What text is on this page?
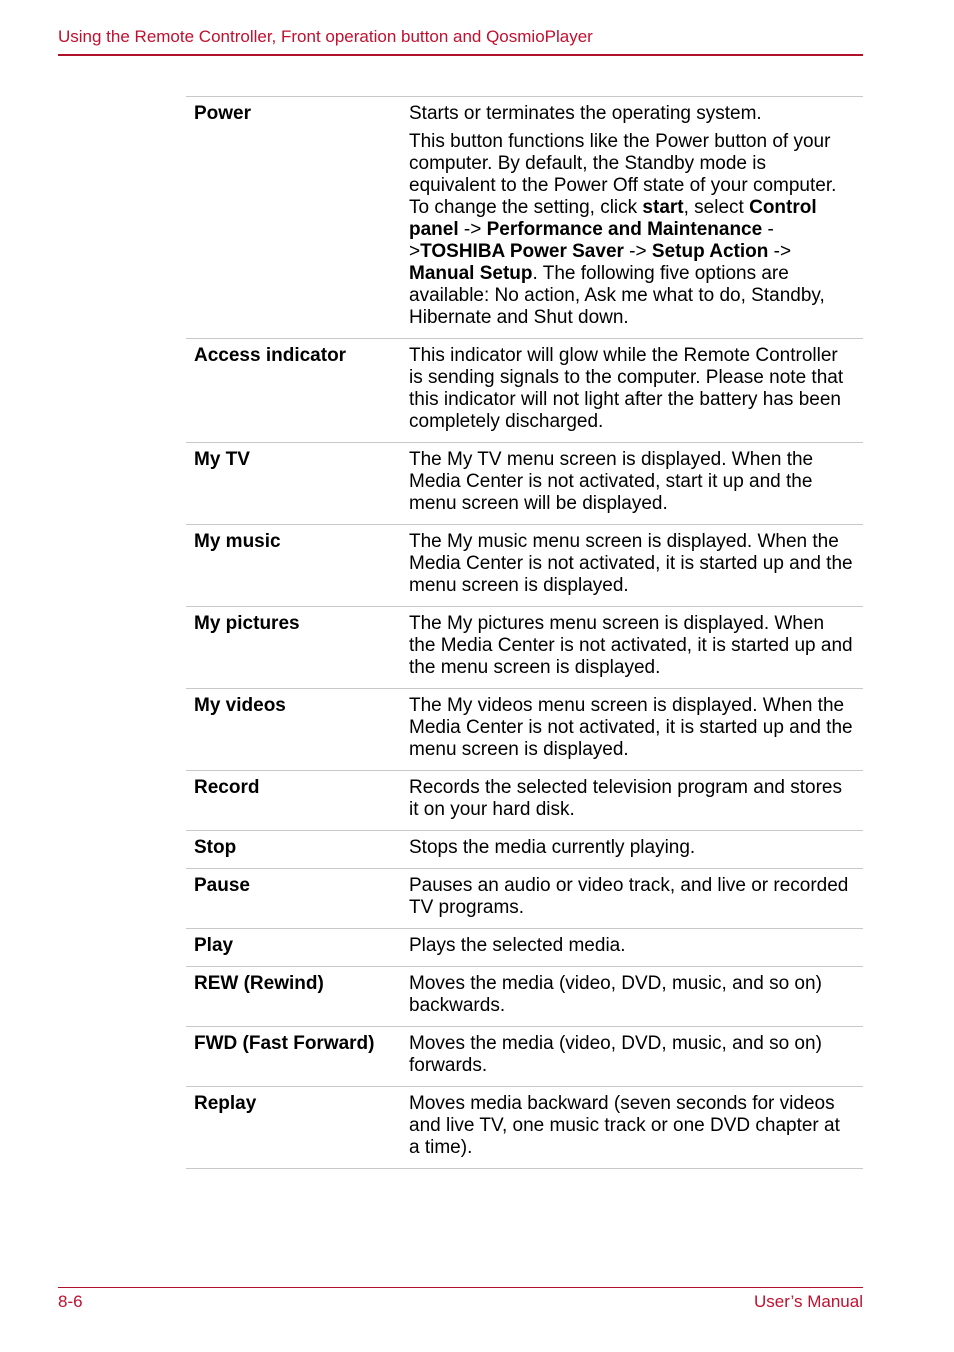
Using the Remote Controller, Front operation button and QosmioPlayer
Power	Starts or terminates the operating system.

This button functions like the Power button of your computer. By default, the Standby mode is equivalent to the Power Off state of your computer. To change the setting, click start, select Control panel -> Performance and Maintenance ->TOSHIBA Power Saver -> Setup Action -> Manual Setup. The following five options are available: No action, Ask me what to do, Standby, Hibernate and Shut down.

Access indicator	This indicator will glow while the Remote Controller is sending signals to the computer. Please note that this indicator will not light after the battery has been completely discharged.
My TV	The My TV menu screen is displayed. When the Media Center is not activated, start it up and the menu screen will be displayed.
My music	The My music menu screen is displayed. When the Media Center is not activated, it is started up and the menu screen is displayed.
My pictures	The My pictures menu screen is displayed. When the Media Center is not activated, it is started up and the menu screen is displayed.
My videos	The My videos menu screen is displayed. When the Media Center is not activated, it is started up and the menu screen is displayed.
Record	Records the selected television program and stores it on your hard disk.
Stop	Stops the media currently playing.
Pause	Pauses an audio or video track, and live or recorded TV programs.
Play	Plays the selected media.
REW (Rewind)	Moves the media (video, DVD, music, and so on) backwards.
FWD (Fast Forward)	Moves the media (video, DVD, music, and so on) forwards.
Replay	Moves media backward (seven seconds for videos and live TV, one music track or one DVD chapter at a time).
8-6	User’s Manual
